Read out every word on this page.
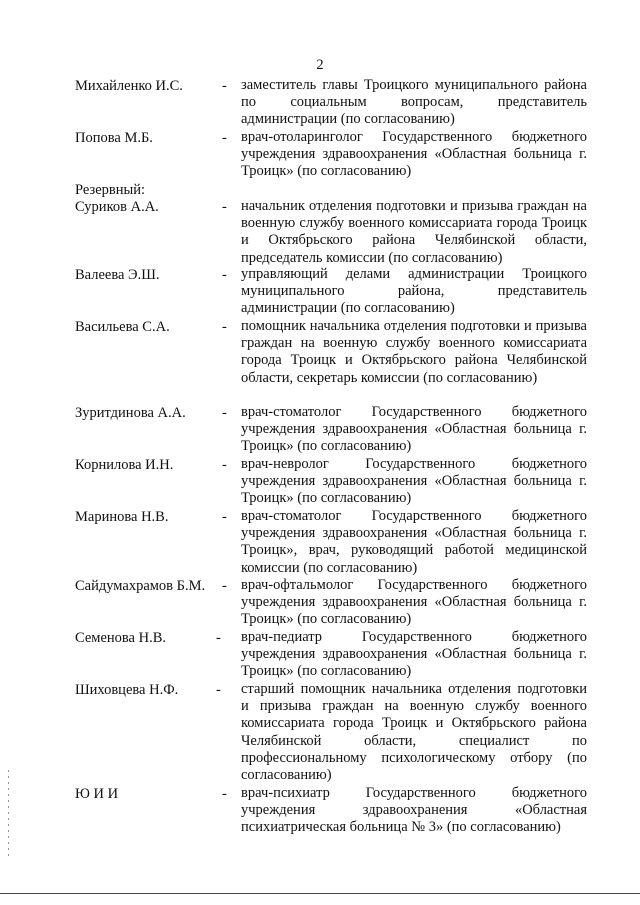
2
Михайленко И.С.	- заместитель главы Троицкого муниципального района по социальным вопросам, представитель администрации (по согласованию)
Попова М.Б.	- врач-отоларинголог Государственного бюджетного учреждения здравоохранения «Областная больница г. Троицк» (по согласованию)
Резервный:
Суриков А.А.	- начальник отделения подготовки и призыва граждан на военную службу военного комиссариата города Троицк и Октябрьского района Челябинской области, председатель комиссии (по согласованию)
Валеева Э.Ш.	- управляющий делами администрации Троицкого муниципального района, представитель администрации (по согласованию)
Васильева С.А.	- помощник начальника отделения подготовки и призыва граждан на военную службу военного комиссариата города Троицк и Октябрьского района Челябинской области, секретарь комиссии (по согласованию)
Зуритдинова А.А.	- врач-стоматолог Государственного бюджетного учреждения здравоохранения «Областная больница г. Троицк» (по согласованию)
Корнилова И.Н.	- врач-невролог Государственного бюджетного учреждения здравоохранения «Областная больница г. Троицк» (по согласованию)
Маринова Н.В.	- врач-стоматолог Государственного бюджетного учреждения здравоохранения «Областная больница г. Троицк», врач, руководящий работой медицинской комиссии (по согласованию)
Сайдумахрамов Б.М. - врач-офтальмолог Государственного бюджетного учреждения здравоохранения «Областная больница г. Троицк» (по согласованию)
Семенова Н.В.	- врач-педиатр Государственного бюджетного учреждения здравоохранения «Областная больница г. Троицк» (по согласованию)
Шиховцева Н.Ф.	- старший помощник начальника отделения подготовки и призыва граждан на военную службу военного комиссариата города Троицк и Октябрьского района Челябинской области, специалист по профессиональному психологическому отбору (по согласованию)
Ю И И	- врач-психиатр Государственного бюджетного учреждения здравоохранения «Областная психиатрическая больница № 3» (по согласованию)
